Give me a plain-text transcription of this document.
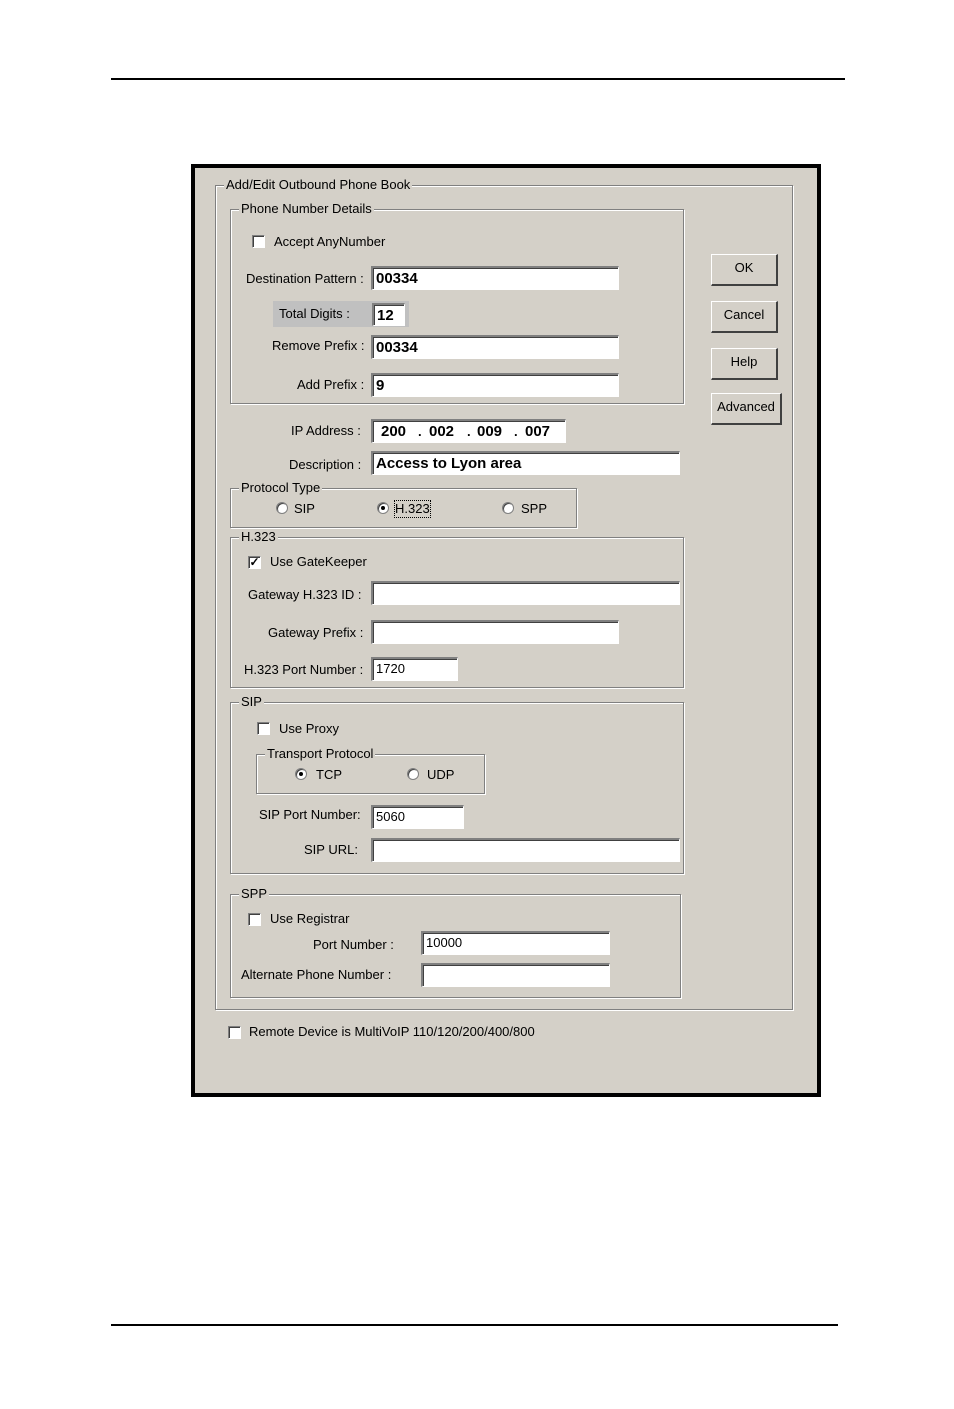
Add/Edit Outbound Phone Book
Phone Number Details
Accept AnyNumber
Destination Pattern : 00334
Total Digits :	12
Remove Prefix : 00334
Add Prefix : 9
IP Address : 200 . 002 . 009 . 007
Description : Access to Lyon area
Protocol Type
SIP	H.323	SPP
H.323
✓ Use GateKeeper
Gateway H.323 ID :
Gateway Prefix :
H.323 Port Number : 1720
SIP
Use Proxy
Transport Protocol
TCP	UDP
SIP Port Number:	5060
SIP URL:
SPP
Use Registrar
Port Number :	10000
Alternate Phone Number :
Remote Device is MultiVoIP 110/120/200/400/800
OK
Cancel
Help
Advanced
